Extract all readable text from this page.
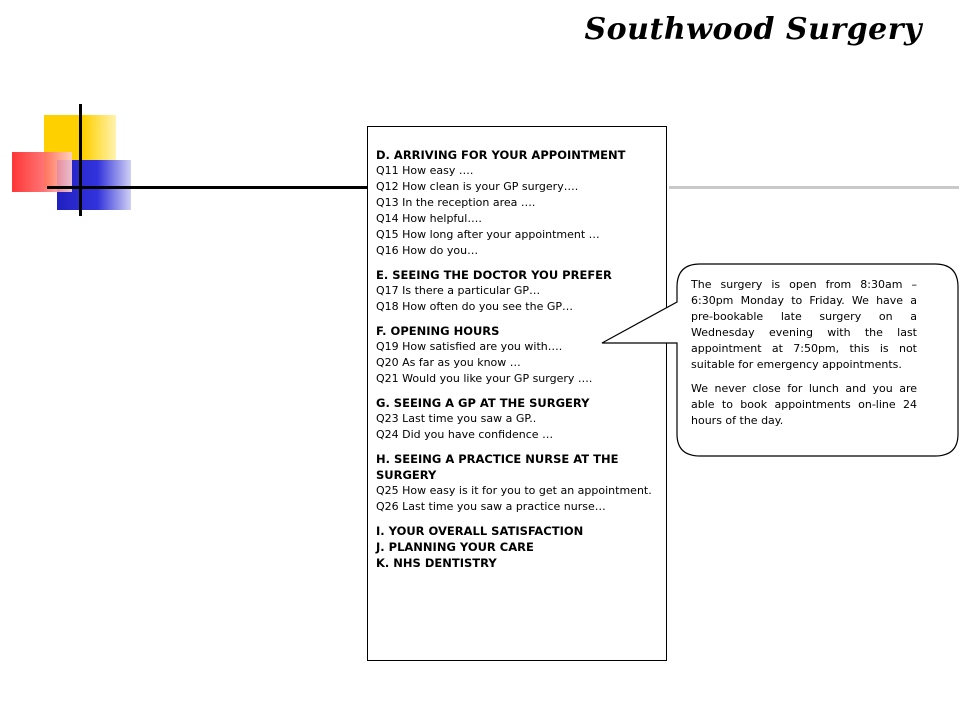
Southwood Surgery
D. ARRIVING FOR YOUR APPOINTMENT
Q11 How easy ….
Q12 How clean is your GP surgery….
Q13 In the reception area ….
Q14 How helpful….
Q15 How long after your appointment …
Q16 How do you…
E. SEEING THE DOCTOR YOU PREFER
Q17 Is there a particular GP…
Q18 How often do you see the GP…
F. OPENING HOURS
Q19 How satisfied are you with….
Q20 As far as you know …
Q21 Would you like your GP surgery ….
G. SEEING A GP AT THE SURGERY
Q23 Last time you saw a GP..
Q24 Did you have confidence …
H. SEEING A PRACTICE NURSE AT THE SURGERY
Q25 How easy is it for you to get an appointment.
Q26 Last time you saw a practice nurse…
I. YOUR OVERALL SATISFACTION
J. PLANNING YOUR CARE
K. NHS DENTISTRY

The surgery is open from 8:30am – 6:30pm Monday to Friday. We have a pre-bookable late surgery on a Wednesday evening with the last appointment at 7:50pm, this is not suitable for emergency appointments.

We never close for lunch and you are able to book appointments on-line 24 hours of the day.
